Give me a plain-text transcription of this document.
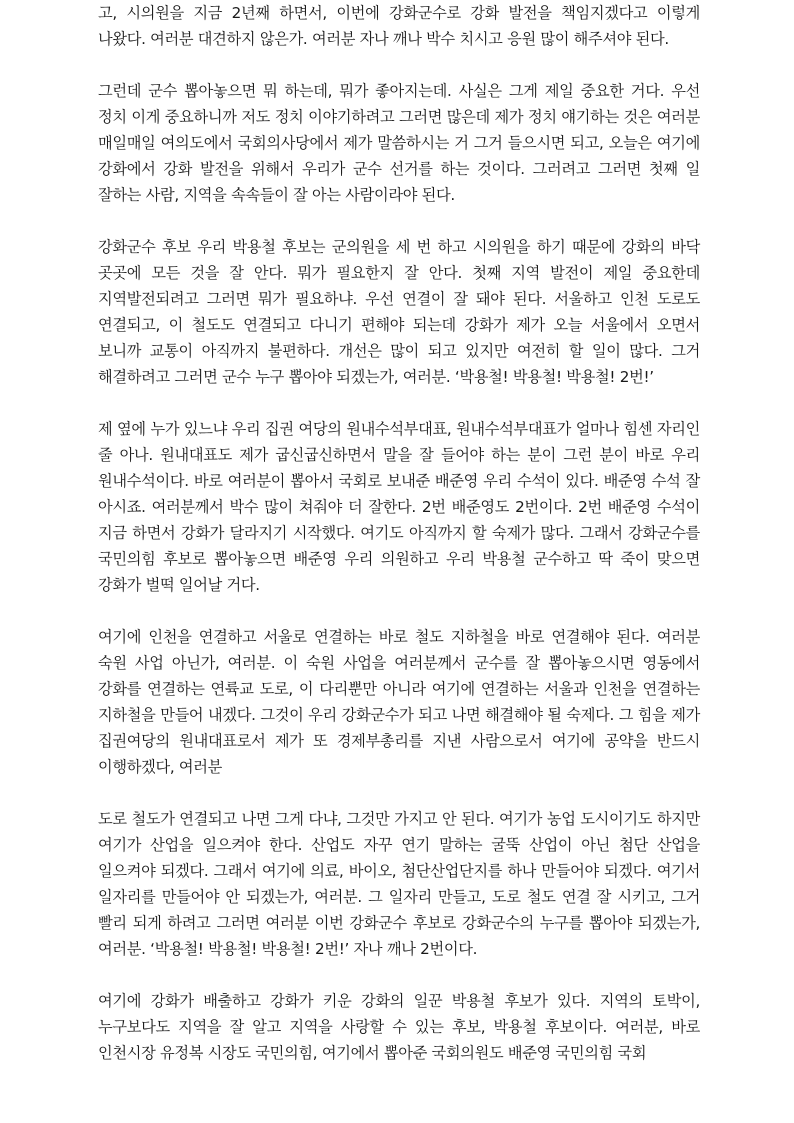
고, 시의원을 지금 2년째 하면서, 이번에 강화군수로 강화 발전을 책임지겠다고 이렇게 나왔다. 여러분 대견하지 않은가. 여러분 자나 깨나 박수 치시고 응원 많이 해주셔야 된다.

그런데 군수 뽑아놓으면 뭐 하는데, 뭐가 좋아지는데. 사실은 그게 제일 중요한 거다. 우선 정치 이게 중요하니까 저도 정치 이야기하려고 그러면 많은데 제가 정치 얘기하는 것은 여러분 매일매일 여의도에서 국회의사당에서 제가 말씀하시는 거 그거 들으시면 되고, 오늘은 여기에 강화에서 강화 발전을 위해서 우리가 군수 선거를 하는 것이다. 그러려고 그러면 첫째 일 잘하는 사람, 지역을 속속들이 잘 아는 사람이라야 된다.

강화군수 후보 우리 박용철 후보는 군의원을 세 번 하고 시의원을 하기 때문에 강화의 바닥 곳곳에 모든 것을 잘 안다. 뭐가 필요한지 잘 안다. 첫째 지역 발전이 제일 중요한데 지역발전되려고 그러면 뭐가 필요하냐. 우선 연결이 잘 돼야 된다. 서울하고 인천 도로도 연결되고, 이 철도도 연결되고 다니기 편해야 되는데 강화가 제가 오늘 서울에서 오면서 보니까 교통이 아직까지 불편하다. 개선은 많이 되고 있지만 여전히 할 일이 많다. 그거 해결하려고 그러면 군수 누구 뽑아야 되겠는가, 여러분. ‘박용철! 박용철! 박용철! 2번!’

제 옆에 누가 있느냐 우리 집권 여당의 원내수석부대표, 원내수석부대표가 얼마나 힘센 자리인 줄 아나. 원내대표도 제가 굽신굽신하면서 말을 잘 들어야 하는 분이 그런 분이 바로 우리 원내수석이다. 바로 여러분이 뽑아서 국회로 보내준 배준영 우리 수석이 있다. 배준영 수석 잘 아시죠. 여러분께서 박수 많이 쳐줘야 더 잘한다. 2번 배준영도 2번이다. 2번 배준영 수석이 지금 하면서 강화가 달라지기 시작했다. 여기도 아직까지 할 숙제가 많다. 그래서 강화군수를 국민의힘 후보로 뽑아놓으면 배준영 우리 의원하고 우리 박용철 군수하고 딱 죽이 맞으면 강화가 벌떡 일어날 거다.

여기에 인천을 연결하고 서울로 연결하는 바로 철도 지하철을 바로 연결해야 된다. 여러분 숙원 사업 아닌가, 여러분. 이 숙원 사업을 여러분께서 군수를 잘 뽑아놓으시면 영동에서 강화를 연결하는 연륙교 도로, 이 다리뿐만 아니라 여기에 연결하는 서울과 인천을 연결하는 지하철을 만들어 내겠다. 그것이 우리 강화군수가 되고 나면 해결해야 될 숙제다. 그 힘을 제가 집권여당의 원내대표로서 제가 또 경제부총리를 지낸 사람으로서 여기에 공약을 반드시 이행하겠다, 여러분

도로 철도가 연결되고 나면 그게 다냐, 그것만 가지고 안 된다. 여기가 농업 도시이기도 하지만 여기가 산업을 일으켜야 한다. 산업도 자꾸 연기 말하는 굴뚝 산업이 아닌 첨단 산업을 일으켜야 되겠다. 그래서 여기에 의료, 바이오, 첨단산업단지를 하나 만들어야 되겠다. 여기서 일자리를 만들어야 안 되겠는가, 여러분. 그 일자리 만들고, 도로 철도 연결 잘 시키고, 그거 빨리 되게 하려고 그러면 여러분 이번 강화군수 후보로 강화군수의 누구를 뽑아야 되겠는가, 여러분. ‘박용철! 박용철! 박용철! 2번!’ 자나 깨나 2번이다.

여기에 강화가 배출하고 강화가 키운 강화의 일꾼 박용철 후보가 있다. 지역의 토박이, 누구보다도 지역을 잘 알고 지역을 사랑할 수 있는 후보, 박용철 후보이다. 여러분, 바로 인천시장 유정복 시장도 국민의힘, 여기에서 뽑아준 국회의원도 배준영 국민의힘 국회
